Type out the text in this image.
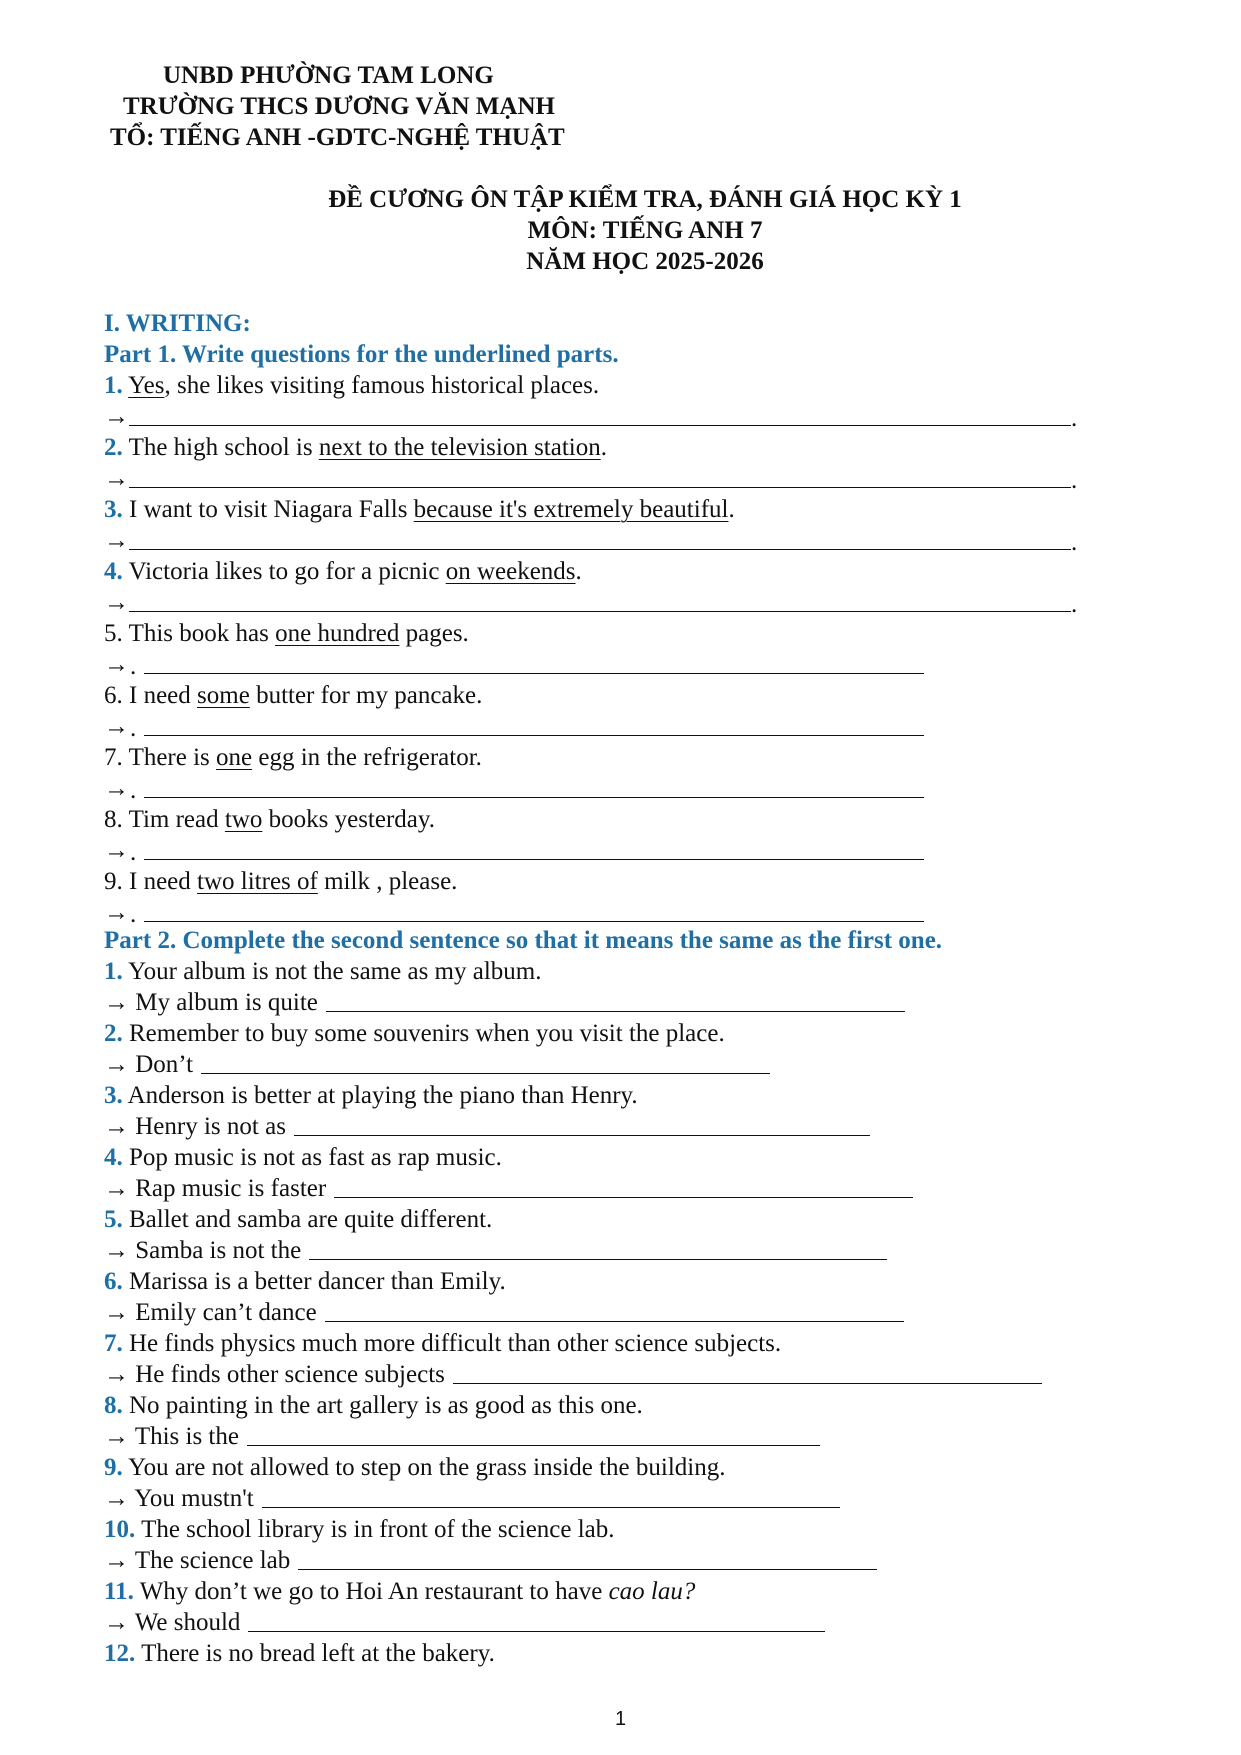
UNBD PHƯỜNG TAM LONG
TRƯỜNG THCS DƯƠNG VĂN MẠNH
TỔ: TIẾNG ANH -GDTC-NGHỆ THUẬT
ĐỀ CƯƠNG ÔN TẬP KIỂM TRA, ĐÁNH GIÁ HỌC KỲ 1
MÔN: TIẾNG ANH 7
NĂM HỌC 2025-2026
I. WRITING:
Part 1. Write questions for the underlined parts.
1. Yes, she likes visiting famous historical places.
→	.
2. The high school is next to the television station.
→	.
3. I want to visit Niagara Falls because it's extremely beautiful.
→	.
4. Victoria likes to go for a picnic on weekends.
→	.
5. This book has one hundred pages.
→ .
6. I need some butter for my pancake.
→ .
7. There is one egg in the refrigerator.
→ .
8. Tim read two books yesterday.
→ .
9. I need two litres of milk , please.
→ .
Part 2. Complete the second sentence so that it means the same as the first one.
1. Your album is not the same as my album.
→ My album is quite
2. Remember to buy some souvenirs when you visit the place.
→ Don’t
3. Anderson is better at playing the piano than Henry.
→ Henry is not as
4. Pop music is not as fast as rap music.
→ Rap music is faster
5. Ballet and samba are quite different.
→ Samba is not the
6. Marissa is a better dancer than Emily.
→ Emily can’t dance
7. He finds physics much more difficult than other science subjects.
→ He finds other science subjects
8. No painting in the art gallery is as good as this one.
→ This is the
9. You are not allowed to step on the grass inside the building.
→ You mustn't
10. The school library is in front of the science lab.
→ The science lab
11. Why don’t we go to Hoi An restaurant to have cao lau?
→ We should
12. There is no bread left at the bakery.
1
